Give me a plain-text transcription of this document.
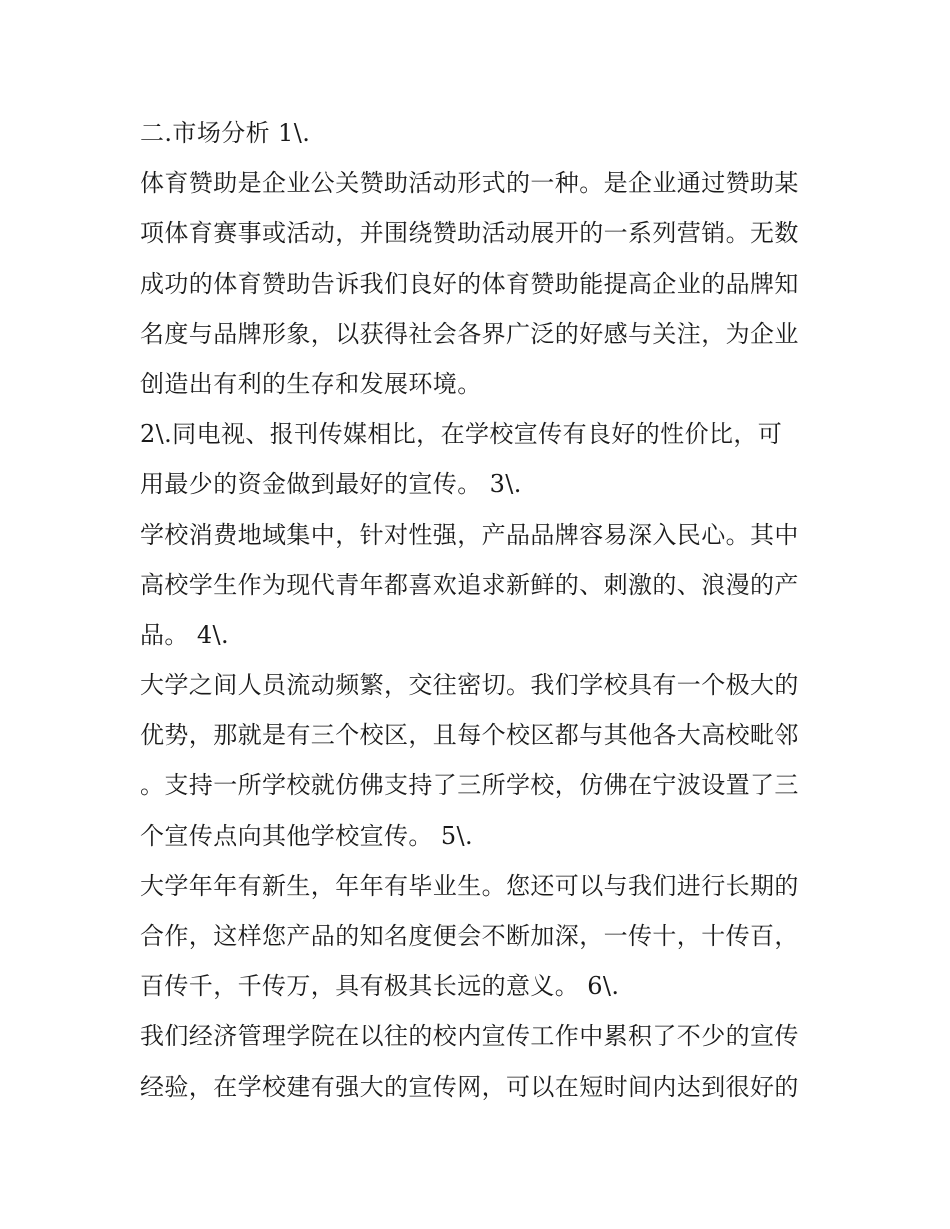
二.市场分析 1\.
体育赞助是企业公关赞助活动形式的一种。是企业通过赞助某
项体育赛事或活动，并围绕赞助活动展开的一系列营销。无数
成功的体育赞助告诉我们良好的体育赞助能提高企业的品牌知
名度与品牌形象，以获得社会各界广泛的好感与关注，为企业
创造出有利的生存和发展环境。
2\.同电视、报刊传媒相比，在学校宣传有良好的性价比，可
用最少的资金做到最好的宣传。 3\.
学校消费地域集中，针对性强，产品品牌容易深入民心。其中
高校学生作为现代青年都喜欢追求新鲜的、刺激的、浪漫的产
品。 4\.
大学之间人员流动频繁，交往密切。我们学校具有一个极大的
优势，那就是有三个校区，且每个校区都与其他各大高校毗邻
。支持一所学校就仿佛支持了三所学校，仿佛在宁波设置了三
个宣传点向其他学校宣传。 5\.
大学年年有新生，年年有毕业生。您还可以与我们进行长期的
合作，这样您产品的知名度便会不断加深，一传十，十传百，
百传千，千传万，具有极其长远的意义。 6\.
我们经济管理学院在以往的校内宣传工作中累积了不少的宣传
经验，在学校建有强大的宣传网，可以在短时间内达到很好的
